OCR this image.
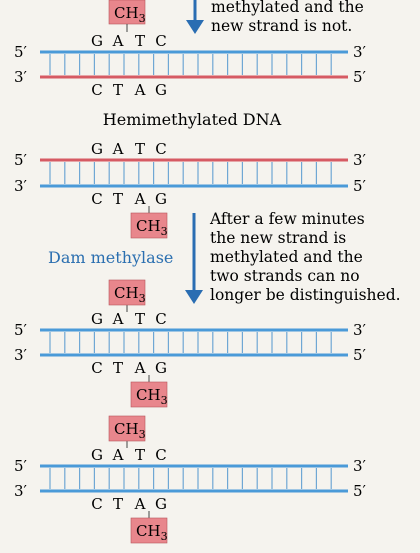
$CH_3$
methylated and the
new strand is not.
G A T C
5′	3′
3′	5′
C T A G
G A T C
5′	3′
3′	5′
C T A G
$CH_3$
$CH_3$
G A T C
5′	3′
3′	5′
C T A G
$CH_3$
$CH_3$
G A T C
5′	3′
3′	5′
C T A G
$CH_3$
Hemimethylated DNA
Dam methylase
After a few minutes
the new strand is
methylated and the
two strands can no
longer be distinguished.
